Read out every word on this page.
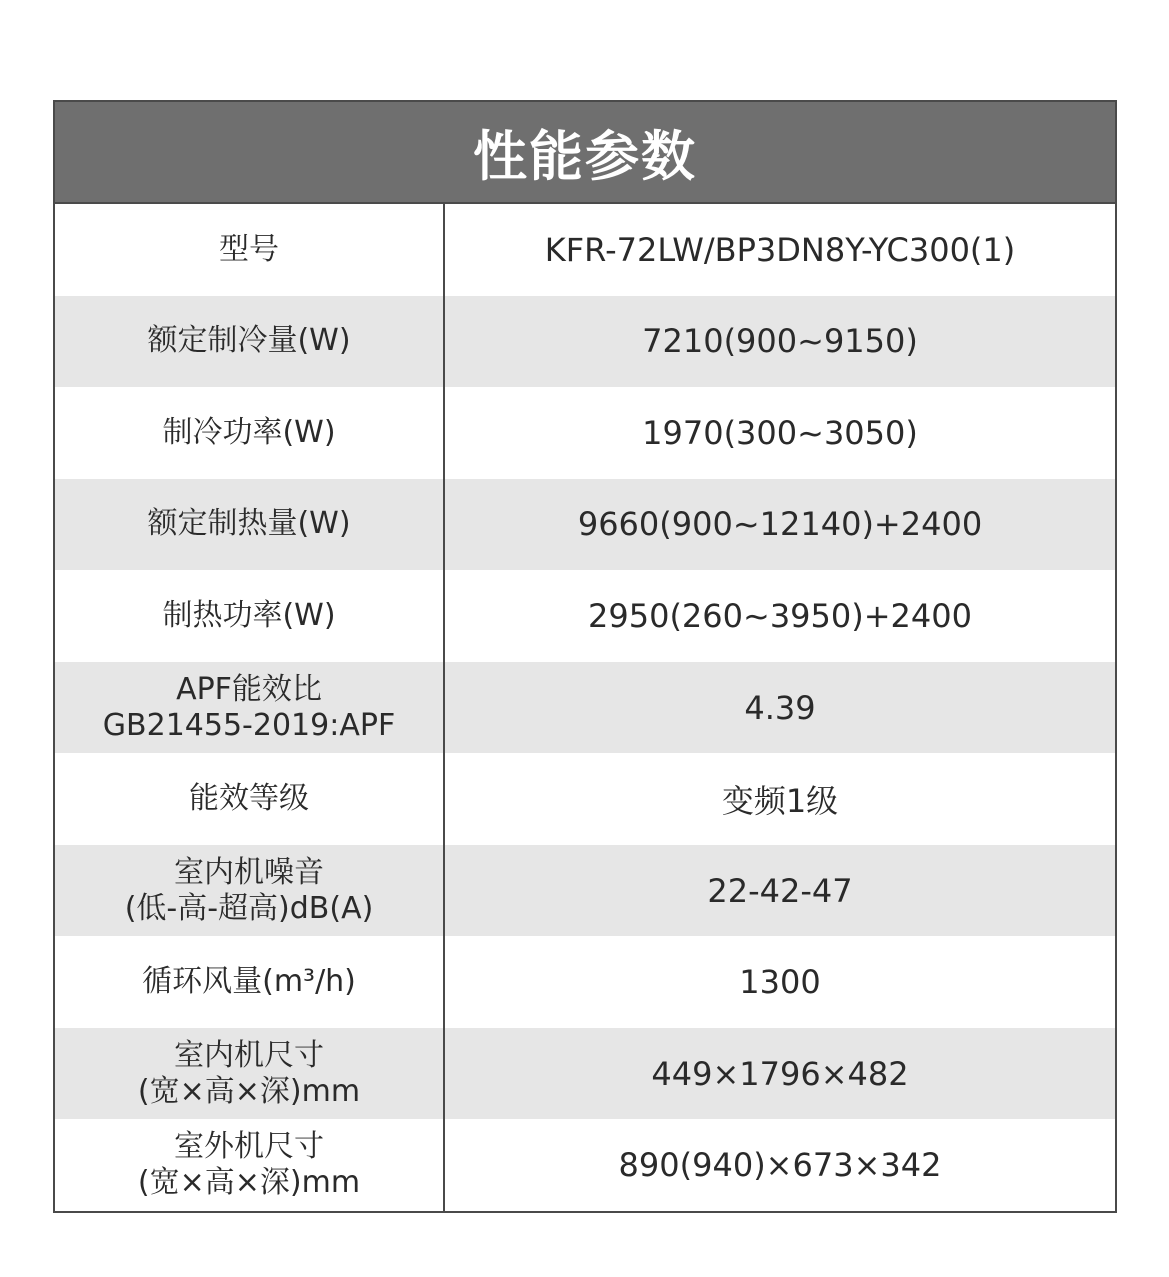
性能参数
型号	KFR-72LW/BP3DN8Y-YC300(1)
额定制冷量(W)	7210(900~9150)
制冷功率(W)	1970(300~3050)
额定制热量(W)	9660(900~12140)+2400
制热功率(W)	2950(260~3950)+2400
APF能效比
GB21455-2019:APF	4.39
能效等级	变频1级
室内机噪音
(低-高-超高)dB(A)	22-42-47
循环风量(m³/h)	1300
室内机尺寸
(宽×高×深)mm	449×1796×482
室外机尺寸
(宽×高×深)mm	890(940)×673×342
